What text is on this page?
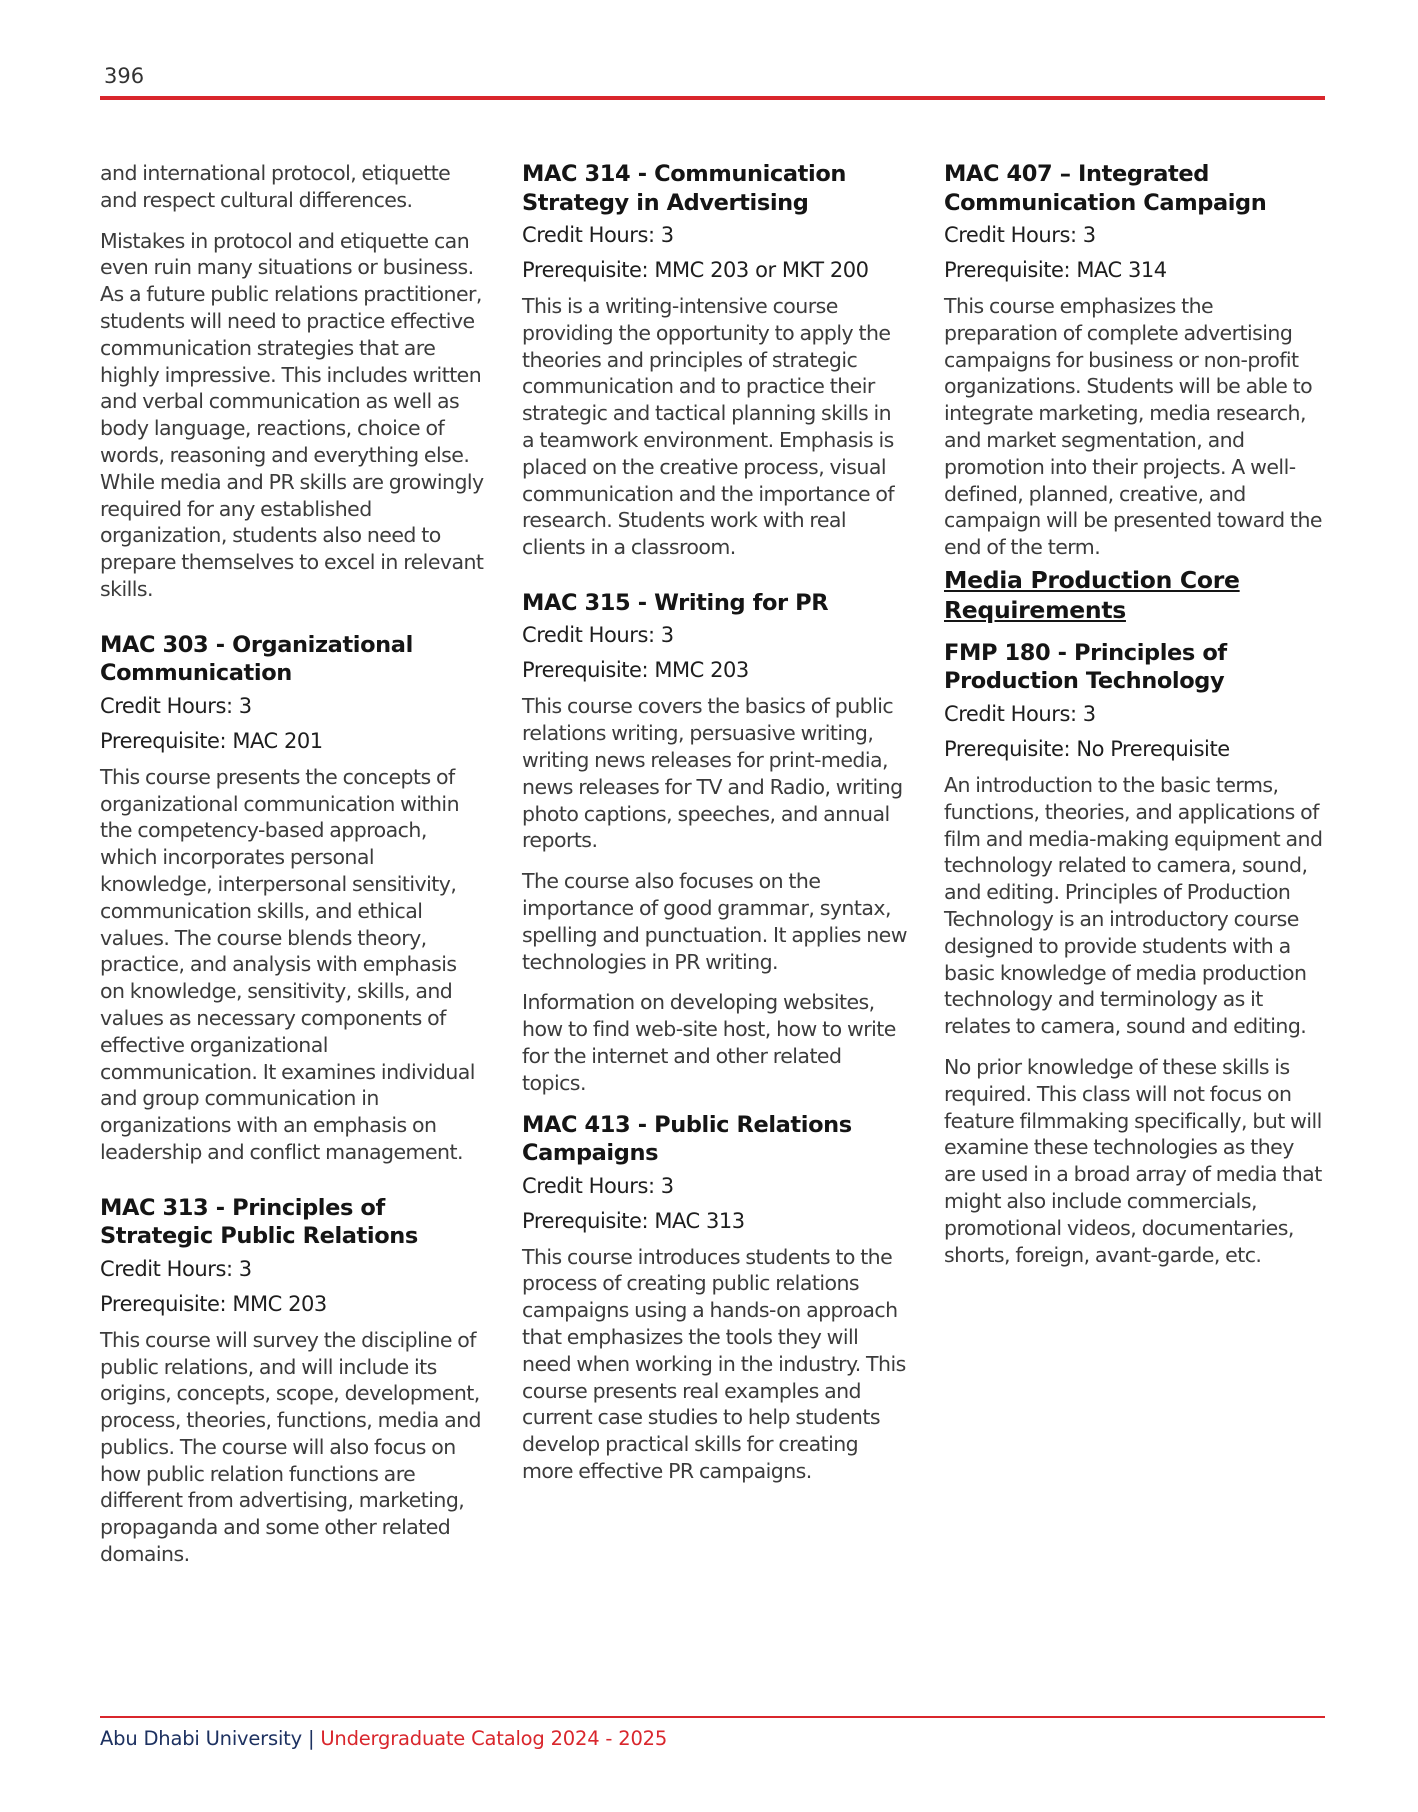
396

and international protocol, etiquette and respect cultural differences.

Mistakes in protocol and etiquette can even ruin many situations or business. As a future public relations practitioner, students will need to practice effective communication strategies that are highly impressive. This includes written and verbal communication as well as body language, reactions, choice of words, reasoning and everything else. While media and PR skills are growingly required for any established organization, students also need to prepare themselves to excel in relevant skills.

MAC 303 - Organizational Communication

Credit Hours: 3

Prerequisite: MAC 201

This course presents the concepts of organizational communication within the competency-based approach, which incorporates personal knowledge, interpersonal sensitivity, communication skills, and ethical values. The course blends theory, practice, and analysis with emphasis on knowledge, sensitivity, skills, and values as necessary components of effective organizational communication. It examines individual and group communication in organizations with an emphasis on leadership and conflict management.

MAC 313 - Principles of Strategic Public Relations

Credit Hours: 3

Prerequisite: MMC 203

This course will survey the discipline of public relations, and will include its origins, concepts, scope, development, process, theories, functions, media and publics. The course will also focus on how public relation functions are different from advertising, marketing, propaganda and some other related domains.

MAC 314 - Communication Strategy in Advertising

Credit Hours: 3

Prerequisite: MMC 203 or MKT 200

This is a writing-intensive course providing the opportunity to apply the theories and principles of strategic communication and to practice their strategic and tactical planning skills in a teamwork environment. Emphasis is placed on the creative process, visual communication and the importance of research. Students work with real clients in a classroom.

MAC 315 - Writing for PR

Credit Hours: 3

Prerequisite: MMC 203

This course covers the basics of public relations writing, persuasive writing, writing news releases for print-media, news releases for TV and Radio, writing photo captions, speeches, and annual reports.

The course also focuses on the importance of good grammar, syntax, spelling and punctuation. It applies new technologies in PR writing.

Information on developing websites, how to find web-site host, how to write for the internet and other related topics.

MAC 413 - Public Relations Campaigns

Credit Hours: 3

Prerequisite: MAC 313

This course introduces students to the process of creating public relations campaigns using a hands-on approach that emphasizes the tools they will need when working in the industry. This course presents real examples and current case studies to help students develop practical skills for creating more effective PR campaigns.

MAC 407 – Integrated Communication Campaign

Credit Hours: 3

Prerequisite: MAC 314

This course emphasizes the preparation of complete advertising campaigns for business or non-profit organizations. Students will be able to integrate marketing, media research, and market segmentation, and promotion into their projects. A well-defined, planned, creative, and campaign will be presented toward the end of the term.

Media Production Core Requirements
FMP 180 - Principles of Production Technology

Credit Hours: 3

Prerequisite: No Prerequisite

An introduction to the basic terms, functions, theories, and applications of film and media-making equipment and technology related to camera, sound, and editing. Principles of Production Technology is an introductory course designed to provide students with a basic knowledge of media production technology and terminology as it relates to camera, sound and editing.

No prior knowledge of these skills is required. This class will not focus on feature filmmaking specifically, but will examine these technologies as they are used in a broad array of media that might also include commercials, promotional videos, documentaries, shorts, foreign, avant-garde, etc.

Abu Dhabi University | Undergraduate Catalog 2024 - 2025
